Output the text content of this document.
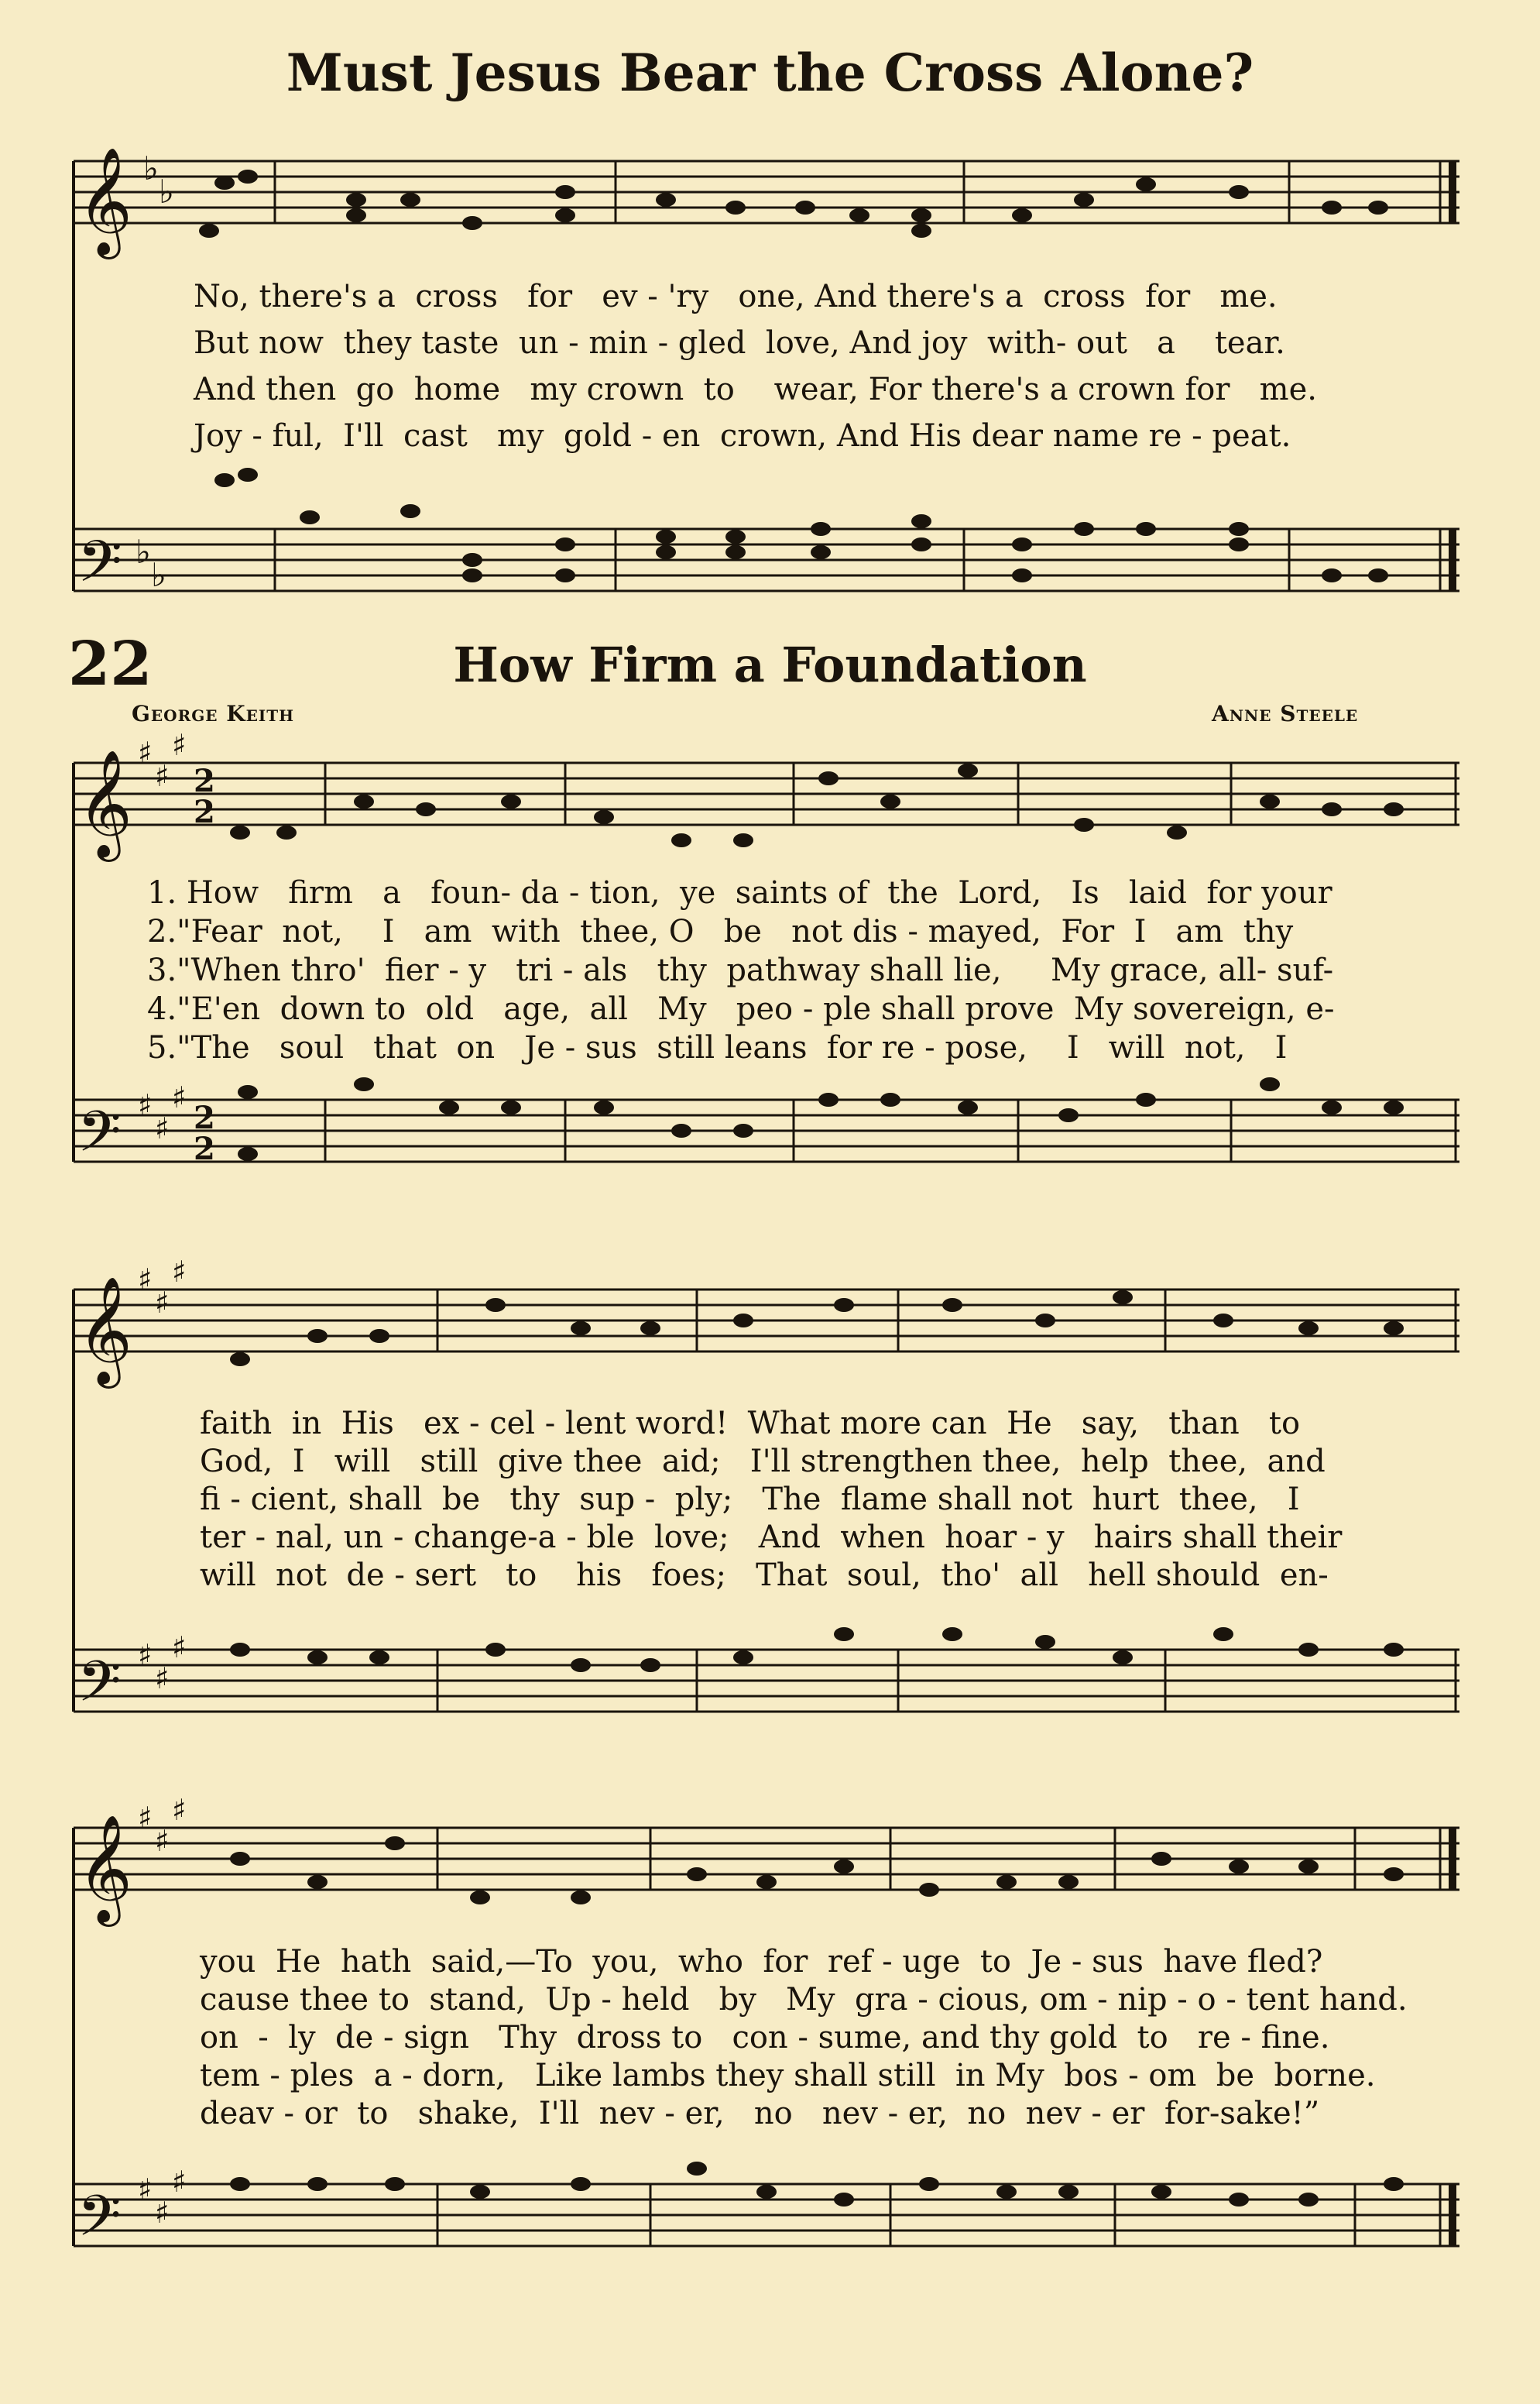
Must Jesus Bear the Cross Alone?
𝄞
𝄢
♭
♭
♭
♭
No, there's a  cross   for   ev - 'ry   one, And there's a  cross  for   me.
But now  they taste  un - min - gled  love, And joy  with- out   a    tear.
And then  go  home   my crown  to    wear, For there's a crown for   me.
Joy - ful,  I'll  cast   my  gold - en  crown, And His dear name re - peat.
22	How Firm a Foundation
George Keith	Anne Steele
𝄞
𝄢
𝄞
𝄢
𝄞
𝄢
♯
♯
♯
♯
♯
♯
♯
♯
♯
♯
♯
♯
♯
♯
♯
♯
♯
♯
2
2
2
2
1. How   firm   a   foun- da - tion,  ye  saints of  the  Lord,   Is   laid  for your
2."Fear  not,    I   am  with  thee, O   be   not dis - mayed,  For  I   am  thy
3."When thro'  fier - y   tri - als   thy  pathway shall lie,     My grace, all- suf-
4."E'en  down to  old   age,  all   My   peo - ple shall prove  My sovereign, e-
5."The   soul   that  on   Je - sus  still leans  for re - pose,    I   will  not,   I
faith  in  His   ex - cel - lent word!  What more can  He   say,   than   to
God,  I   will   still  give thee  aid;   I'll strengthen thee,  help  thee,  and
fi - cient, shall  be   thy  sup -  ply;   The  flame shall not  hurt  thee,   I
ter - nal, un - change-a - ble  love;   And  when  hoar - y   hairs shall their
will  not  de - sert   to    his   foes;   That  soul,  tho'  all   hell should  en-
you  He  hath  said,—To  you,  who  for  ref - uge  to  Je - sus  have fled?
cause thee to  stand,  Up - held   by   My  gra - cious, om - nip - o - tent hand.
on  -  ly  de - sign   Thy  dross to   con - sume, and thy gold  to   re - fine.
tem - ples  a - dorn,   Like lambs they shall still  in My  bos - om  be  borne.
deav - or  to   shake,  I'll  nev - er,   no   nev - er,  no  nev - er  for-sake!”
